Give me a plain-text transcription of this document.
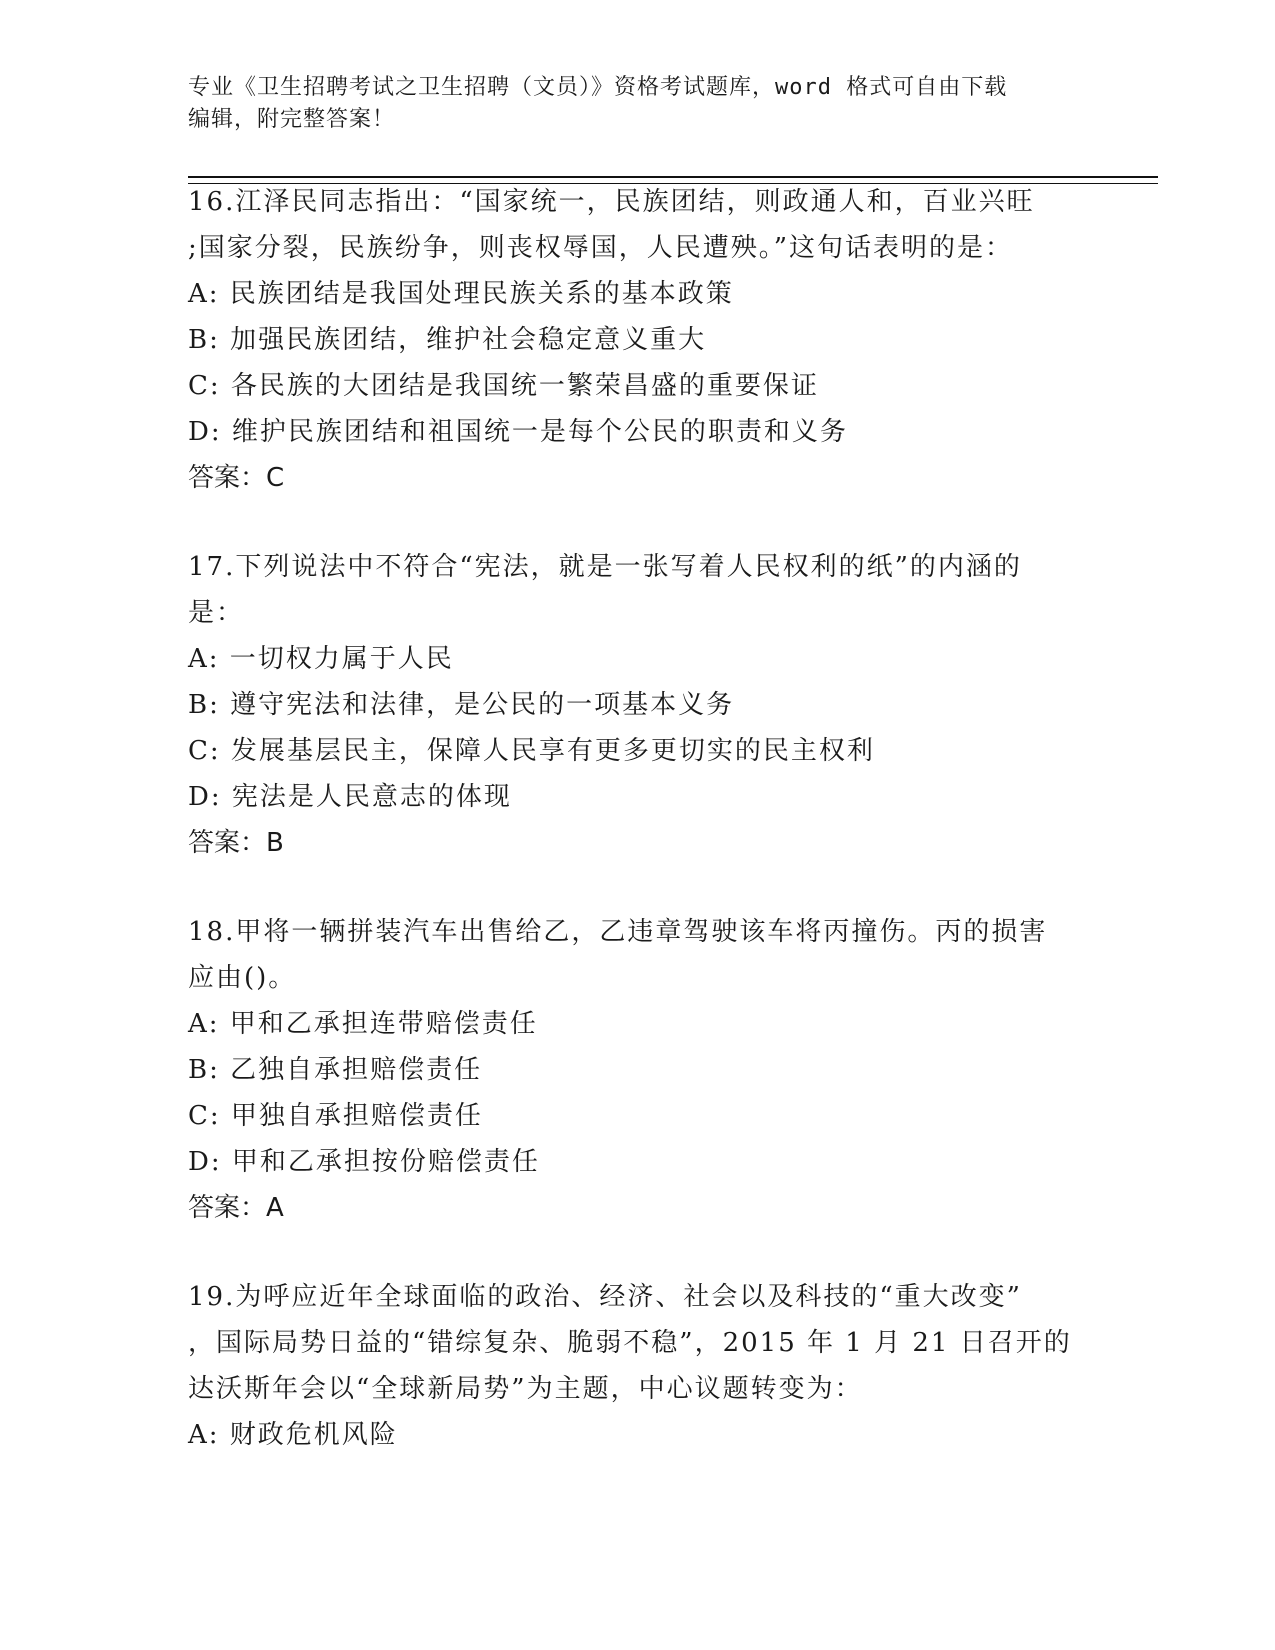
专业《卫生招聘考试之卫生招聘（文员）》资格考试题库，word 格式可自由下载
编辑，附完整答案！
16.江泽民同志指出：“国家统一，民族团结，则政通人和，百业兴旺
;国家分裂，民族纷争，则丧权辱国，人民遭殃。”这句话表明的是：
A: 民族团结是我国处理民族关系的基本政策
B: 加强民族团结，维护社会稳定意义重大
C: 各民族的大团结是我国统一繁荣昌盛的重要保证
D: 维护民族团结和祖国统一是每个公民的职责和义务
答案：C
17.下列说法中不符合“宪法，就是一张写着人民权利的纸”的内涵的
是：
A: 一切权力属于人民
B: 遵守宪法和法律，是公民的一项基本义务
C: 发展基层民主，保障人民享有更多更切实的民主权利
D: 宪法是人民意志的体现
答案：B
18.甲将一辆拼装汽车出售给乙，乙违章驾驶该车将丙撞伤。丙的损害
应由()。
A: 甲和乙承担连带赔偿责任
B: 乙独自承担赔偿责任
C: 甲独自承担赔偿责任
D: 甲和乙承担按份赔偿责任
答案：A
19.为呼应近年全球面临的政治、经济、社会以及科技的“重大改变”
，国际局势日益的“错综复杂、脆弱不稳”，2015 年 1 月 21 日召开的
达沃斯年会以“全球新局势”为主题，中心议题转变为：
A: 财政危机风险
